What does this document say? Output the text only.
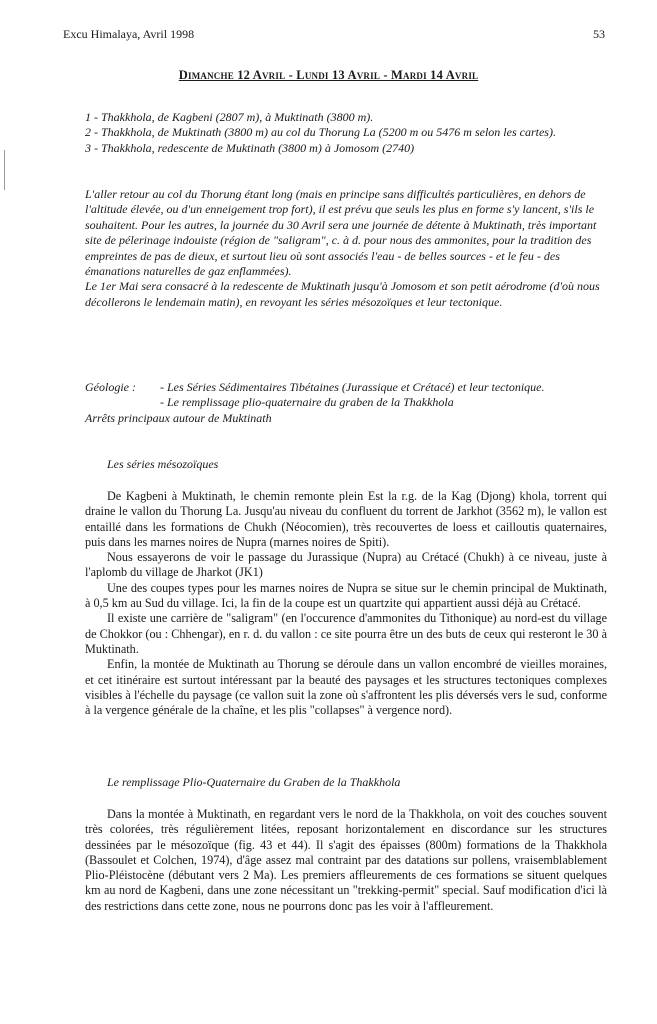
Excu Himalaya, Avril 1998	53
Dimanche 12 Avril - Lundi 13 Avril - Mardi 14 Avril

1 - Thakkhola, de Kagbeni (2807 m), à Muktinath (3800 m).

2 - Thakkhola, de Muktinath (3800 m) au col du Thorung La (5200 m ou 5476 m selon les cartes).

3 - Thakkhola, redescente de Muktinath (3800 m) à Jomosom (2740)

L'aller retour au col du Thorung étant long (mais en principe sans difficultés particulières, en dehors de l'altitude élevée, ou d'un enneigement trop fort), il est prévu que seuls les plus en forme s'y lancent, s'ils le souhaitent. Pour les autres, la journée du 30 Avril sera une journée de détente à Muktinath, très important site de pélerinage indouiste (région de "saligram", c. à d. pour nous des ammonites, pour la tradition des empreintes de pas de dieux, et surtout lieu où sont associés l'eau - de belles sources - et le feu - des émanations naturelles de gaz enflammées).

Le 1er Mai sera consacré à la redescente de Muktinath jusqu'à Jomosom et son petit aérodrome (d'où nous décollerons le lendemain matin), en revoyant les séries mésozoïques et leur tectonique.

Géologie :	- Les Séries Sédimentaires Tibétaines (Jurassique et Crétacé) et leur tectonique.
- Le remplissage plio-quaternaire du graben de la Thakkhola
Arrêts principaux autour de Muktinath
Les séries mésozoïques

De Kagbeni à Muktinath, le chemin remonte plein Est la r.g. de la Kag (Djong) khola, torrent qui draine le vallon du Thorung La. Jusqu'au niveau du confluent du torrent de Jarkhot (3562 m), le vallon est entaillé dans les formations de Chukh (Néocomien), très recouvertes de loess et cailloutis quaternaires, puis dans les marnes noires de Nupra (marnes noires de Spiti).

Nous essayerons de voir le passage du Jurassique (Nupra) au Crétacé (Chukh) à ce niveau, juste à l'aplomb du village de Jharkot (JK1)

Une des coupes types pour les marnes noires de Nupra se situe sur le chemin principal de Muktinath, à 0,5 km au Sud du village. Ici, la fin de la coupe est un quartzite qui appartient aussi déjà au Crétacé.

Il existe une carrière de "saligram" (en l'occurence d'ammonites du Tithonique) au nord-est du village de Chokkor (ou : Chhengar), en r. d. du vallon : ce site pourra être un des buts de ceux qui resteront le 30 à Muktinath.

Enfin, la montée de Muktinath au Thorung se déroule dans un vallon encombré de vieilles moraines, et cet itinéraire est surtout intéressant par la beauté des paysages et les structures tectoniques complexes visibles à l'échelle du paysage (ce vallon suit la zone où s'affrontent les plis déversés vers le sud, conforme à la vergence générale de la chaîne, et les plis "collapses" à vergence nord).

Le remplissage Plio-Quaternaire du Graben de la Thakkhola

Dans la montée à Muktinath, en regardant vers le nord de la Thakkhola, on voit des couches souvent très colorées, très régulièrement litées, reposant horizontalement en discordance sur les structures dessinées par le mésozoïque (fig. 43 et 44). Il s'agit des épaisses (800m) formations de la Thakkhola (Bassoulet et Colchen, 1974), d'âge assez mal contraint par des datations sur pollens, vraisemblablement Plio-Pléistocène (débutant vers 2 Ma). Les premiers affleurements de ces formations se situent quelques km au nord de Kagbeni, dans une zone nécessitant un "trekking-permit" special. Sauf modification d'ici là des restrictions dans cette zone, nous ne pourrons donc pas les voir à l'affleurement.
